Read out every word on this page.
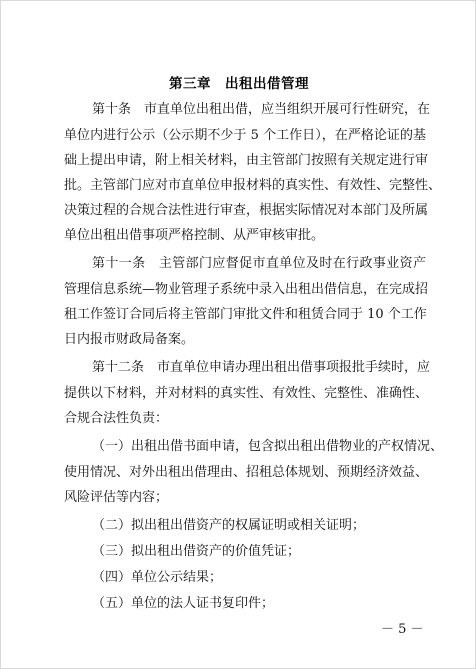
第三章　出租出借管理
第十条　市直单位出租出借，应当组织开展可行性研究，在
单位内进行公示（公示期不少于 5 个工作日），在严格论证的基
础上提出申请，附上相关材料，由主管部门按照有关规定进行审
批。主管部门应对市直单位申报材料的真实性、有效性、完整性、
决策过程的合规合法性进行审查，根据实际情况对本部门及所属
单位出租出借事项严格控制、从严审核审批。
第十一条　主管部门应督促市直单位及时在行政事业资产
管理信息系统—物业管理子系统中录入出租出借信息，在完成招
租工作签订合同后将主管部门审批文件和租赁合同于 10 个工作
日内报市财政局备案。
第十二条　市直单位申请办理出租出借事项报批手续时，应
提供以下材料，并对材料的真实性、有效性、完整性、准确性、
合规合法性负责：
（一）出租出借书面申请，包含拟出租出借物业的产权情况、
使用情况、对外出租出借理由、招租总体规划、预期经济效益、
风险评估等内容；
（二）拟出租出借资产的权属证明或相关证明；
（三）拟出租出借资产的价值凭证；
（四）单位公示结果；
（五）单位的法人证书复印件；
－ 5 －
